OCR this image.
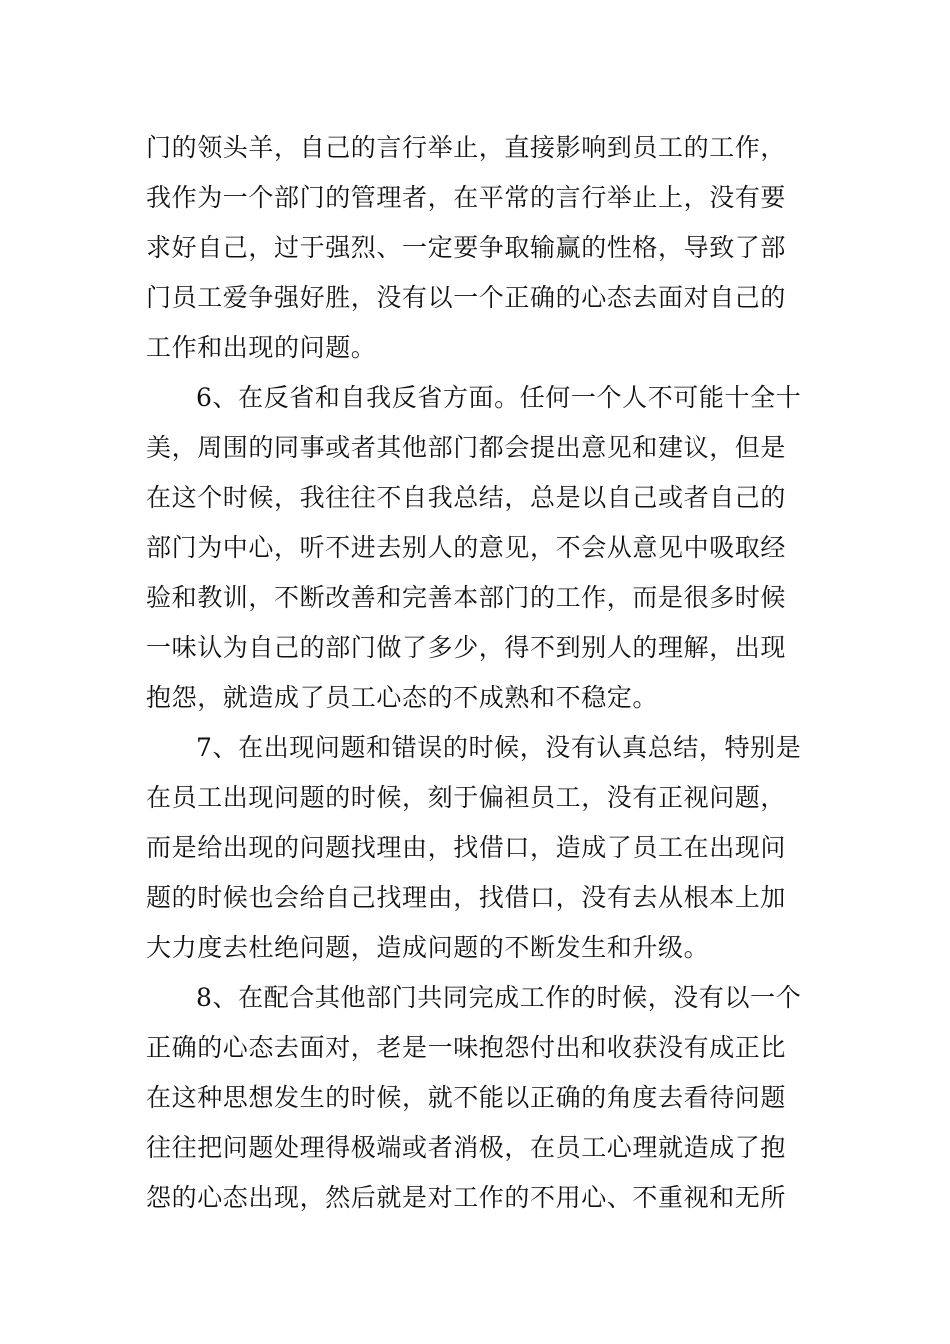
门的领头羊，自己的言行举止，直接影响到员工的工作，
我作为一个部门的管理者，在平常的言行举止上，没有要
求好自己，过于强烈、一定要争取输赢的性格，导致了部
门员工爱争强好胜，没有以一个正确的心态去面对自己的
工作和出现的问题。
6、在反省和自我反省方面。任何一个人不可能十全十
美，周围的同事或者其他部门都会提出意见和建议，但是
在这个时候，我往往不自我总结，总是以自己或者自己的
部门为中心，听不进去别人的意见，不会从意见中吸取经
验和教训，不断改善和完善本部门的工作，而是很多时候
一味认为自己的部门做了多少，得不到别人的理解，出现
抱怨，就造成了员工心态的不成熟和不稳定。
7、在出现问题和错误的时候，没有认真总结，特别是
在员工出现问题的时候，刻于偏袒员工，没有正视问题，
而是给出现的问题找理由，找借口，造成了员工在出现问
题的时候也会给自己找理由，找借口，没有去从根本上加
大力度去杜绝问题，造成问题的不断发生和升级。
8、在配合其他部门共同完成工作的时候，没有以一个
正确的心态去面对，老是一味抱怨付出和收获没有成正比
在这种思想发生的时候，就不能以正确的角度去看待问题
往往把问题处理得极端或者消极，在员工心理就造成了抱
怨的心态出现，然后就是对工作的不用心、不重视和无所
